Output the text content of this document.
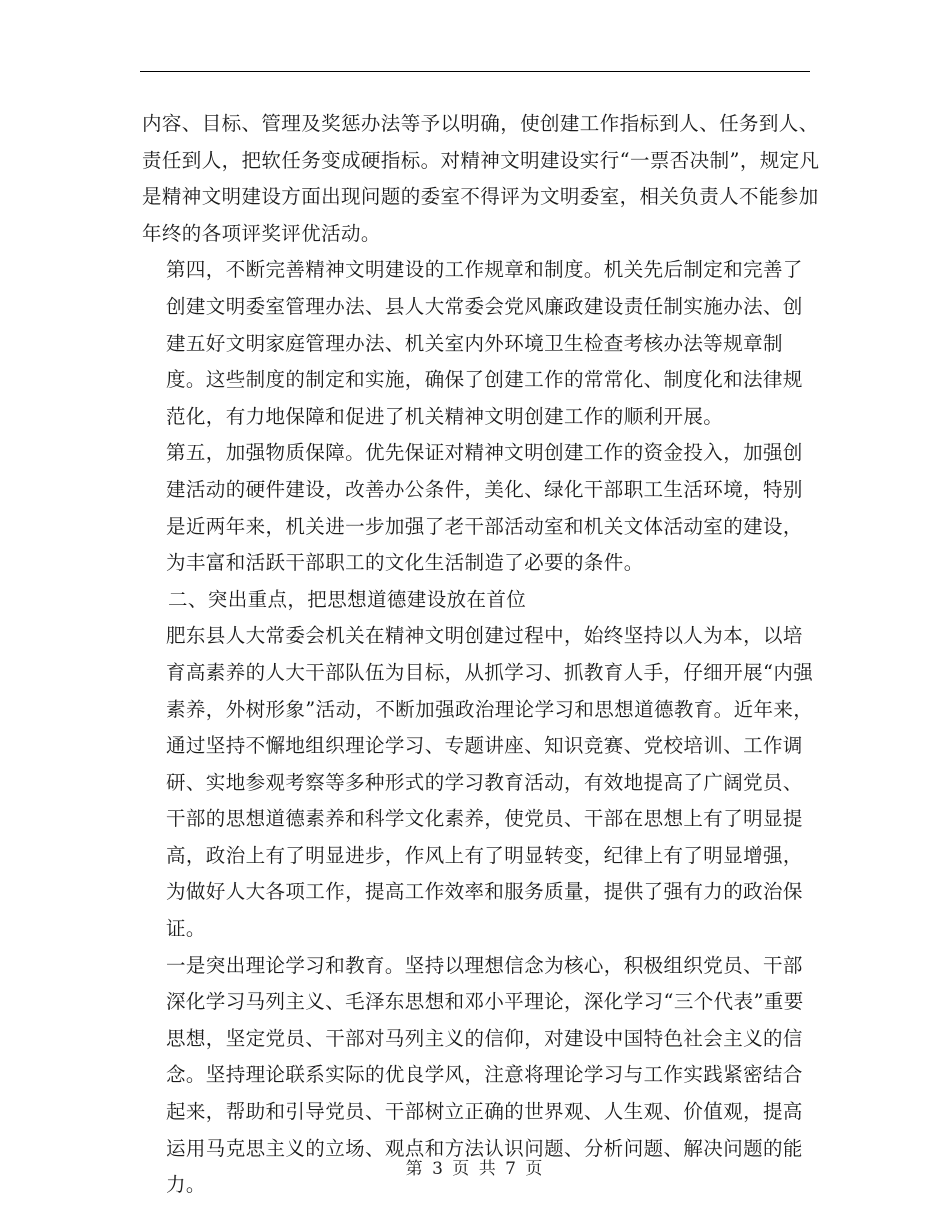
内容、目标、管理及奖惩办法等予以明确，使创建工作指标到人、任务到人、责任到人，把软任务变成硬指标。对精神文明建设实行“一票否决制”，规定凡是精神文明建设方面出现问题的委室不得评为文明委室，相关负责人不能参加年终的各项评奖评优活动。

第四，不断完善精神文明建设的工作规章和制度。机关先后制定和完善了创建文明委室管理办法、县人大常委会党风廉政建设责任制实施办法、创建五好文明家庭管理办法、机关室内外环境卫生检查考核办法等规章制度。这些制度的制定和实施，确保了创建工作的常常化、制度化和法律规范化，有力地保障和促进了机关精神文明创建工作的顺利开展。

第五，加强物质保障。优先保证对精神文明创建工作的资金投入，加强创建活动的硬件建设，改善办公条件，美化、绿化干部职工生活环境，特别是近两年来，机关进一步加强了老干部活动室和机关文体活动室的建设，为丰富和活跃干部职工的文化生活制造了必要的条件。

二、突出重点，把思想道德建设放在首位

肥东县人大常委会机关在精神文明创建过程中，始终坚持以人为本，以培育高素养的人大干部队伍为目标，从抓学习、抓教育人手，仔细开展“内强素养，外树形象”活动，不断加强政治理论学习和思想道德教育。近年来，通过坚持不懈地组织理论学习、专题讲座、知识竞赛、党校培训、工作调研、实地参观考察等多种形式的学习教育活动，有效地提高了广阔党员、干部的思想道德素养和科学文化素养，使党员、干部在思想上有了明显提高，政治上有了明显进步，作风上有了明显转变，纪律上有了明显增强，为做好人大各项工作，提高工作效率和服务质量，提供了强有力的政治保证。

一是突出理论学习和教育。坚持以理想信念为核心，积极组织党员、干部深化学习马列主义、毛泽东思想和邓小平理论，深化学习“三个代表”重要思想，坚定党员、干部对马列主义的信仰，对建设中国特色社会主义的信念。坚持理论联系实际的优良学风，注意将理论学习与工作实践紧密结合起来，帮助和引导党员、干部树立正确的世界观、人生观、价值观，提高运用马克思主义的立场、观点和方法认识问题、分析问题、解决问题的能力。

第 3 页 共 7 页
